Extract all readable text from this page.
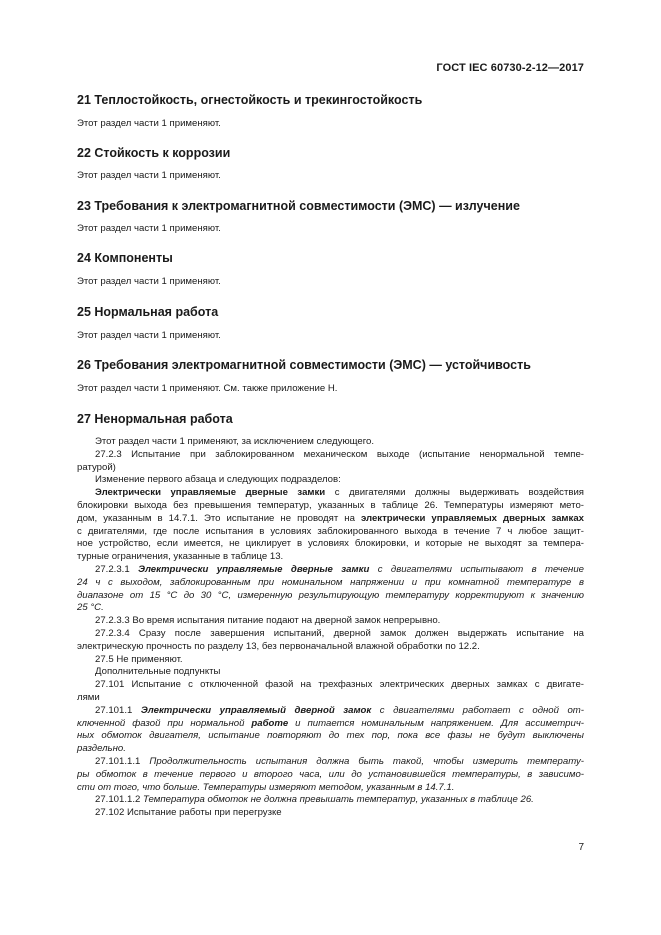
ГОСТ IEC 60730-2-12—2017
21 Теплостойкость, огнестойкость и трекингостойкость
Этот раздел части 1 применяют.
22 Стойкость к коррозии
Этот раздел части 1 применяют.
23 Требования к электромагнитной совместимости (ЭМС) — излучение
Этот раздел части 1 применяют.
24 Компоненты
Этот раздел части 1 применяют.
25 Нормальная работа
Этот раздел части 1 применяют.
26 Требования электромагнитной совместимости (ЭМС) — устойчивость
Этот раздел части 1 применяют. См. также приложение Н.
27 Ненормальная работа
Этот раздел части 1 применяют, за исключением следующего.
27.2.3 Испытание при заблокированном механическом выходе (испытание ненормальной темпе-
ратурой)
Изменение первого абзаца и следующих подразделов:
Электрически управляемые дверные замки с двигателями должны выдерживать воздействия
блокировки выхода без превышения температур, указанных в таблице 26. Температуры измеряют мето-
дом, указанным в 14.7.1. Это испытание не проводят на электрически управляемых дверных замках
с двигателями, где после испытания в условиях заблокированного выхода в течение 7 ч любое защит-
ное устройство, если имеется, не циклирует в условиях блокировки, и которые не выходят за темпера-
турные ограничения, указанные в таблице 13.
27.2.3.1 Электрически управляемые дверные замки с двигателями испытывают в течение
24 ч с выходом, заблокированным при номинальном напряжении и при комнатной температуре в
диапазоне от 15 °С до 30 °С, измеренную результирующую температуру корректируют к значению
25 °С.
27.2.3.3 Во время испытания питание подают на дверной замок непрерывно.
27.2.3.4 Сразу после завершения испытаний, дверной замок должен выдержать испытание на
электрическую прочность по разделу 13, без первоначальной влажной обработки по 12.2.
27.5 Не применяют.
Дополнительные подпункты
27.101 Испытание с отключенной фазой на трехфазных электрических дверных замках с двигате-
лями
27.101.1 Электрически управляемый дверной замок с двигателями работает с одной от-
ключенной фазой при нормальной работе и питается номинальным напряжением. Для ассиметрич-
ных обмоток двигателя, испытание повторяют до тех пор, пока все фазы не будут выключены
раздельно.
27.101.1.1 Продолжительность испытания должна быть такой, чтобы измерить температу-
ры обмоток в течение первого и второго часа, или до установившейся температуры, в зависимо-
сти от того, что больше. Температуры измеряют методом, указанным в 14.7.1.
27.101.1.2 Температура обмоток не должна превышать температур, указанных в таблице 26.
27.102 Испытание работы при перегрузке
7
